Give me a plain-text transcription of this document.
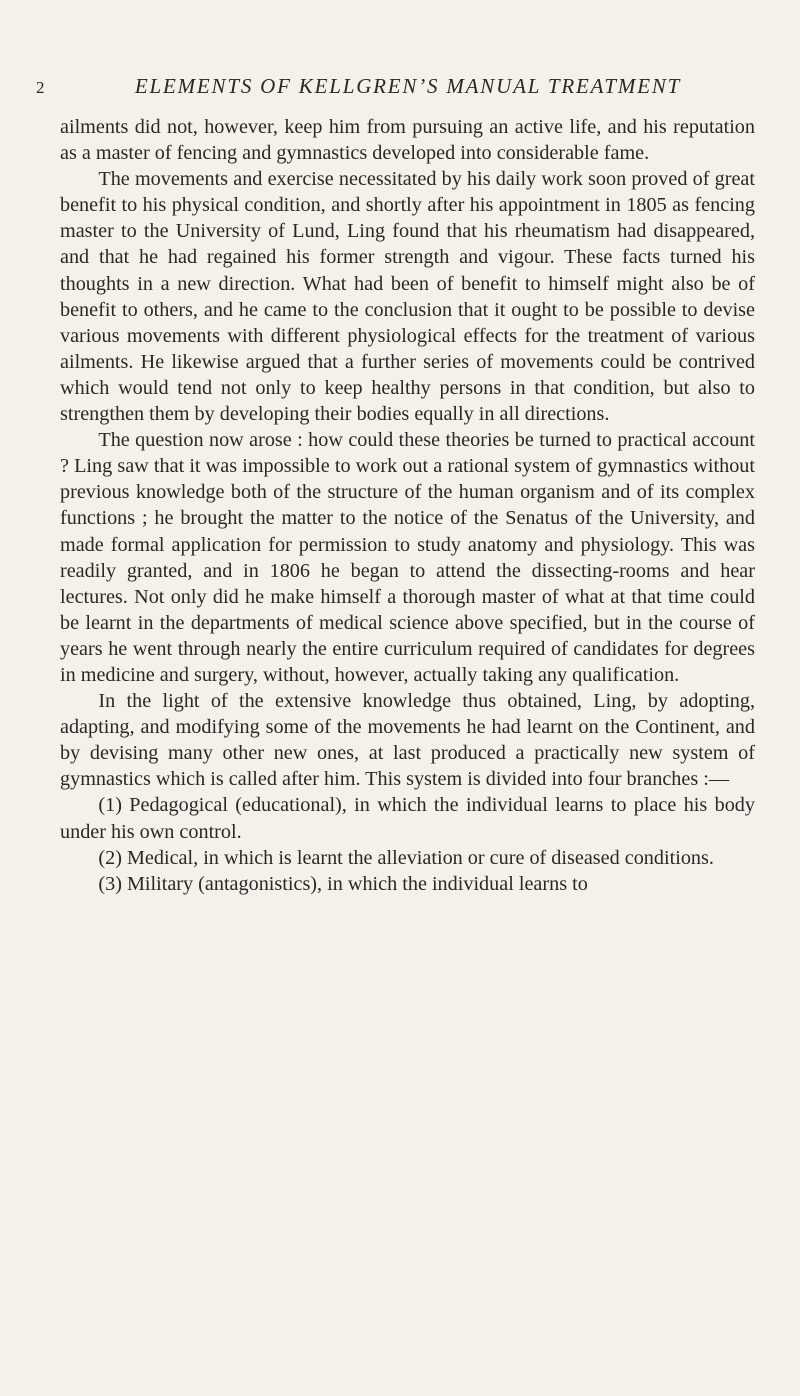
2	ELEMENTS OF KELLGREN’S MANUAL TREATMENT

ailments did not, however, keep him from pursuing an active life, and his reputation as a master of fencing and gymnastics developed into considerable fame.

The movements and exercise necessitated by his daily work soon proved of great benefit to his physical condition, and shortly after his appointment in 1805 as fencing master to the University of Lund, Ling found that his rheumatism had disappeared, and that he had regained his former strength and vigour. These facts turned his thoughts in a new direction. What had been of benefit to himself might also be of benefit to others, and he came to the conclusion that it ought to be possible to devise various movements with different physiological effects for the treatment of various ailments. He likewise argued that a further series of movements could be contrived which would tend not only to keep healthy persons in that condition, but also to strengthen them by developing their bodies equally in all directions.

The question now arose : how could these theories be turned to practical account ? Ling saw that it was impossible to work out a rational system of gymnastics without previous knowledge both of the structure of the human organism and of its complex functions ; he brought the matter to the notice of the Senatus of the University, and made formal application for permission to study anatomy and physiology. This was readily granted, and in 1806 he began to attend the dissecting-rooms and hear lectures. Not only did he make himself a thorough master of what at that time could be learnt in the departments of medical science above specified, but in the course of years he went through nearly the entire curriculum required of candidates for degrees in medicine and surgery, without, however, actually taking any qualification.

In the light of the extensive knowledge thus obtained, Ling, by adopting, adapting, and modifying some of the movements he had learnt on the Continent, and by devising many other new ones, at last produced a practically new system of gymnastics which is called after him. This system is divided into four branches :—

(1) Pedagogical (educational), in which the individual learns to place his body under his own control.

(2) Medical, in which is learnt the alleviation or cure of diseased conditions.

(3) Military (antagonistics), in which the individual learns to
